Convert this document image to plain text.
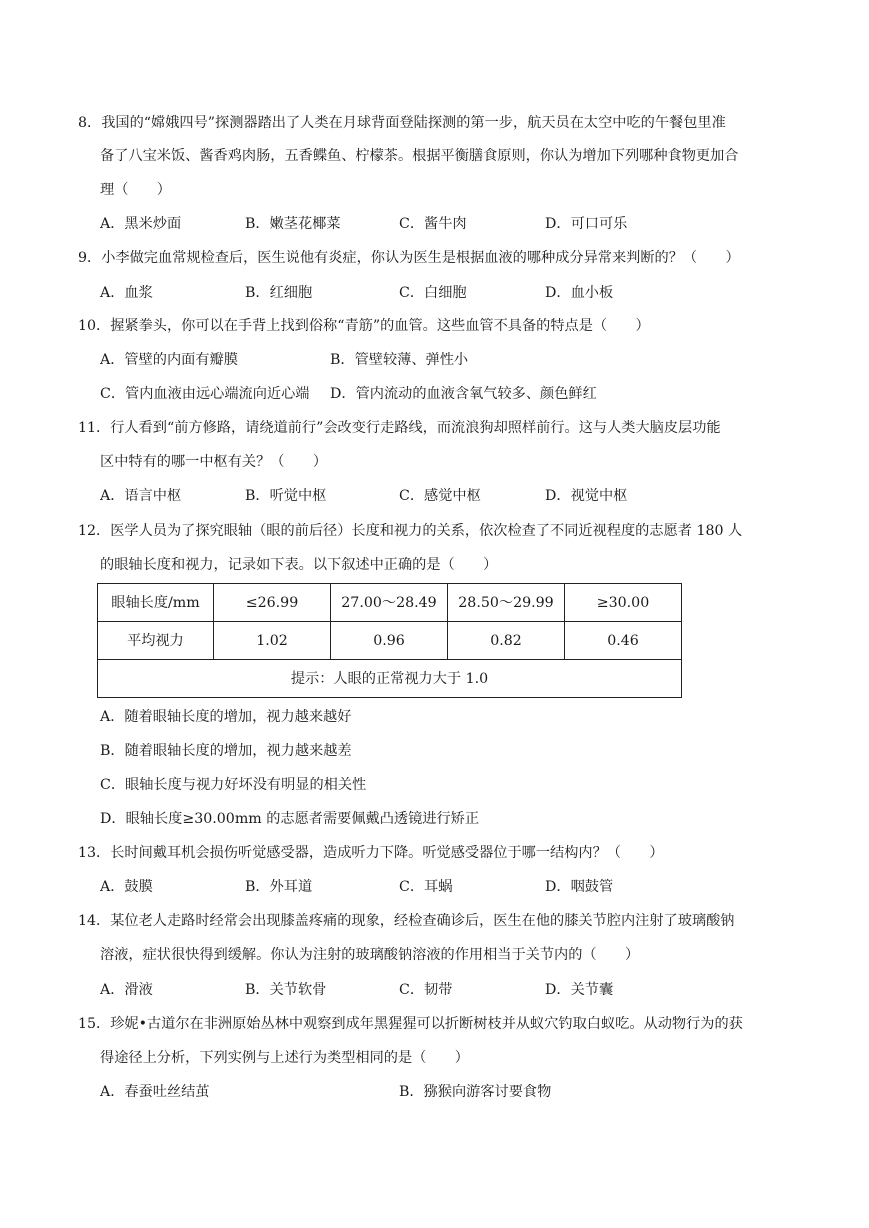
8．我国的“嫦娥四号”探测器踏出了人类在月球背面登陆探测的第一步，航天员在太空中吃的午餐包里准
备了八宝米饭、酱香鸡肉肠，五香鲽鱼、柠檬茶。根据平衡膳食原则，你认为增加下列哪种食物更加合
理（　　）
A．黑米炒面	B．嫩茎花椰菜	C．酱牛肉	D．可口可乐
9．小李做完血常规检查后，医生说他有炎症，你认为医生是根据血液的哪种成分异常来判断的？（　　）
A．血浆	B．红细胞	C．白细胞	D．血小板
10．握紧拳头，你可以在手背上找到俗称“青筋”的血管。这些血管不具备的特点是（　　）
A．管壁的内面有瓣膜	B．管壁较薄、弹性小
C．管内血液由远心端流向近心端 D．管内流动的血液含氧气较多、颜色鲜红
11．行人看到“前方修路，请绕道前行”会改变行走路线，而流浪狗却照样前行。这与人类大脑皮层功能
区中特有的哪一中枢有关？（　　）
A．语言中枢	B．听觉中枢	C．感觉中枢	D．视觉中枢
12．医学人员为了探究眼轴（眼的前后径）长度和视力的关系，依次检查了不同近视程度的志愿者 180 人
的眼轴长度和视力，记录如下表。以下叙述中正确的是（　　）
眼轴长度/mm	≤26.99	27.00～28.49	28.50～29.99	≥30.00
平均视力	1.02	0.96	0.82	0.46
提示：人眼的正常视力大于 1.0				
A．随着眼轴长度的增加，视力越来越好
B．随着眼轴长度的增加，视力越来越差
C．眼轴长度与视力好坏没有明显的相关性
D．眼轴长度≥30.00mm 的志愿者需要佩戴凸透镜进行矫正
13．长时间戴耳机会损伤听觉感受器，造成听力下降。听觉感受器位于哪一结构内？（　　）
A．鼓膜	B．外耳道	C．耳蜗	D．咽鼓管
14．某位老人走路时经常会出现膝盖疼痛的现象，经检查确诊后，医生在他的膝关节腔内注射了玻璃酸钠
溶液，症状很快得到缓解。你认为注射的玻璃酸钠溶液的作用相当于关节内的（　　）
A．滑液	B．关节软骨	C．韧带	D．关节囊
15．珍妮•古道尔在非洲原始丛林中观察到成年黑猩猩可以折断树枝并从蚁穴钓取白蚁吃。从动物行为的获
得途径上分析，下列实例与上述行为类型相同的是（　　）
A．春蚕吐丝结茧	B．猕猴向游客讨要食物
